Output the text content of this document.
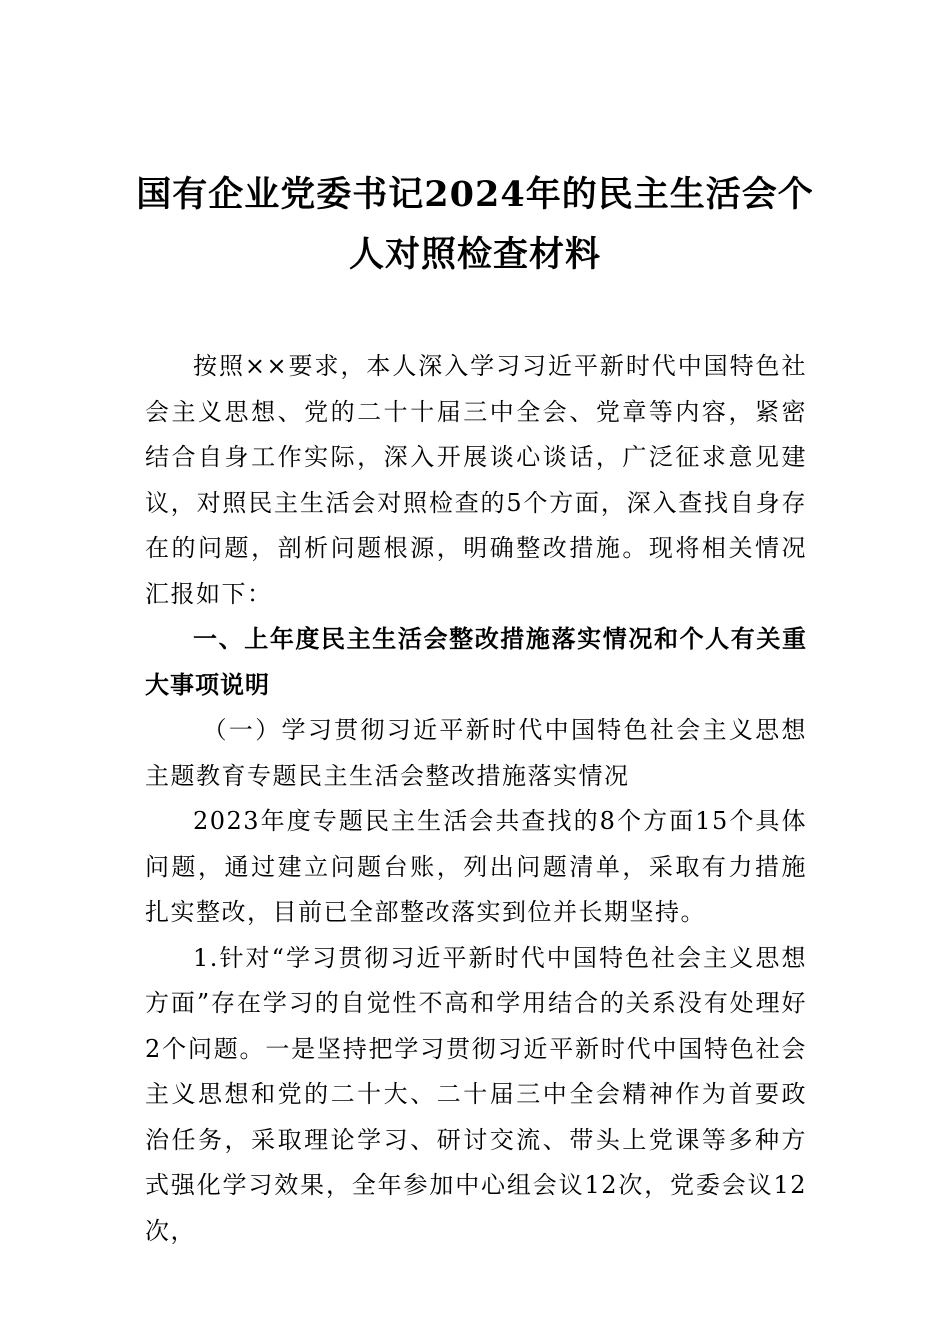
国有企业党委书记2024年的民主生活会个
人对照检查材料

按照××要求，本人深入学习习近平新时代中国特色社会主义思想、党的二十十届三中全会、党章等内容，紧密结合自身工作实际，深入开展谈心谈话，广泛征求意见建议，对照民主生活会对照检查的5个方面，深入查找自身存在的问题，剖析问题根源，明确整改措施。现将相关情况汇报如下：

一、上年度民主生活会整改措施落实情况和个人有关重大事项说明

（一）学习贯彻习近平新时代中国特色社会主义思想主题教育专题民主生活会整改措施落实情况

2023年度专题民主生活会共查找的8个方面15个具体问题，通过建立问题台账，列出问题清单，采取有力措施扎实整改，目前已全部整改落实到位并长期坚持。

1.针对“学习贯彻习近平新时代中国特色社会主义思想方面”存在学习的自觉性不高和学用结合的关系没有处理好2个问题。一是坚持把学习贯彻习近平新时代中国特色社会主义思想和党的二十大、二十届三中全会精神作为首要政治任务，采取理论学习、研讨交流、带头上党课等多种方式强化学习效果，全年参加中心组会议12次，党委会议12次，
